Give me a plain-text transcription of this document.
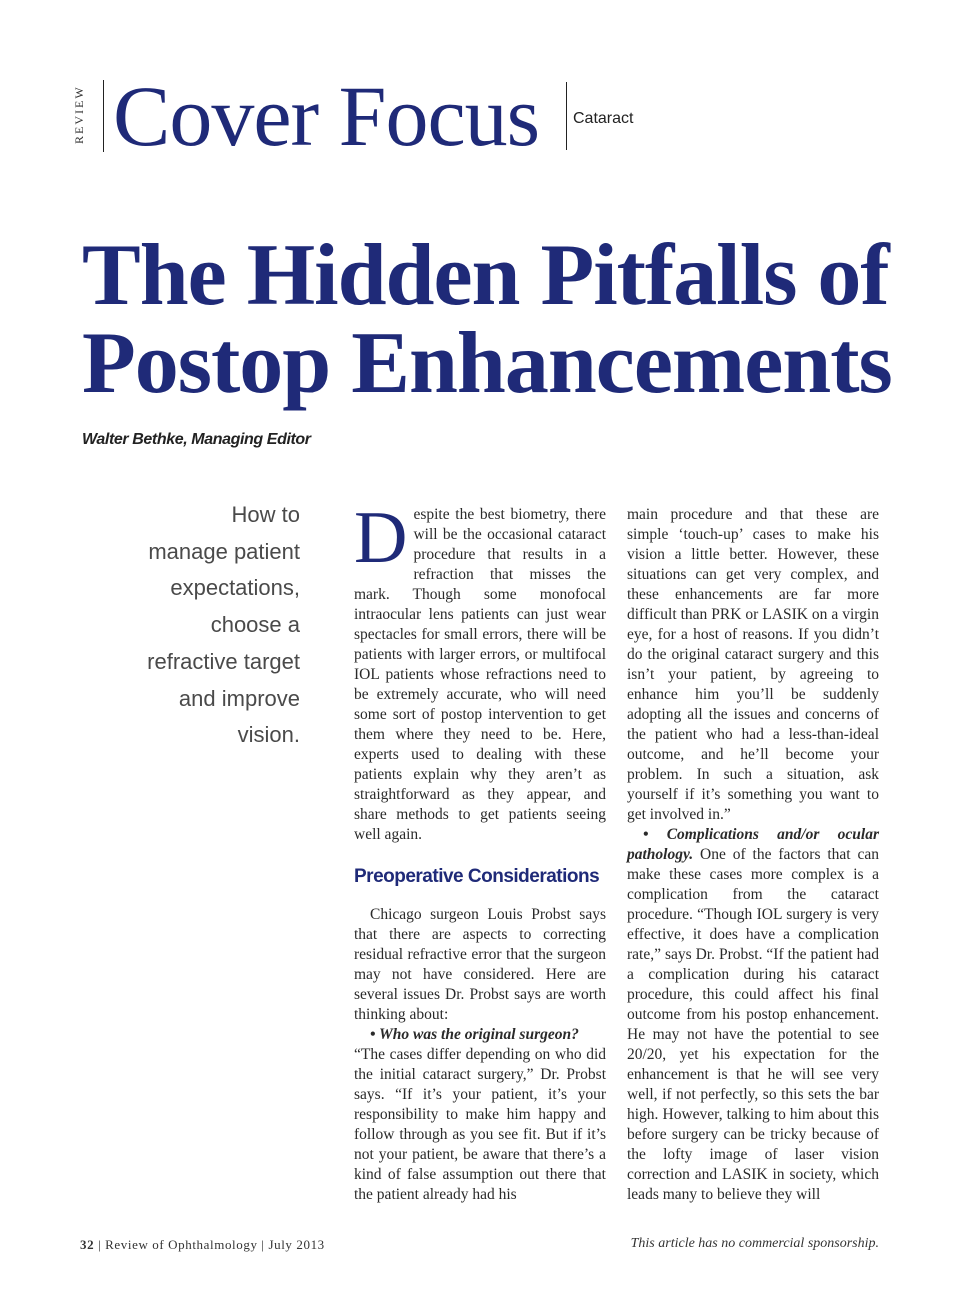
REVIEW Cover Focus Cataract
The Hidden Pitfalls of
Postop Enhancements
Walter Bethke, Managing Editor
How to
manage patient
expectations,
choose a
refractive target
and improve
vision.

Despite the best biometry, there will be the occasional cataract procedure that results in a refraction that misses the mark. Though some monofocal intraocular lens patients can just wear spectacles for small errors, there will be patients with larger errors, or multifocal IOL patients whose refractions need to be extremely accurate, who will need some sort of postop intervention to get them where they need to be. Here, experts used to dealing with these patients explain why they aren’t as straightforward as they appear, and share methods to get patients seeing well again.

Preoperative Considerations

Chicago surgeon Louis Probst says that there are aspects to correcting residual refractive error that the surgeon may not have considered. Here are several issues Dr. Probst says are worth thinking about:

• Who was the original surgeon?

“The cases differ depending on who did the initial cataract surgery,” Dr. Probst says. “If it’s your patient, it’s your responsibility to make him happy and follow through as you see fit. But if it’s not your patient, be aware that there’s a kind of false assumption out there that the patient already had his

main procedure and that these are simple ‘touch-up’ cases to make his vision a little better. However, these situations can get very complex, and these enhancements are far more difficult than PRK or LASIK on a virgin eye, for a host of reasons. If you didn’t do the original cataract surgery and this isn’t your patient, by agreeing to enhance him you’ll be suddenly adopting all the issues and concerns of the patient who had a less-than-ideal outcome, and he’ll become your problem. In such a situation, ask yourself if it’s something you want to get involved in.”

• Complications and/or ocular pathology. One of the factors that can make these cases more complex is a complication from the cataract procedure. “Though IOL surgery is very effective, it does have a complication rate,” says Dr. Probst. “If the patient had a complication during his cataract procedure, this could affect his final outcome from his postop enhancement. He may not have the potential to see 20/20, yet his expectation for the enhancement is that he will see very well, if not perfectly, so this sets the bar high. However, talking to him about this before surgery can be tricky because of the lofty image of laser vision correction and LASIK in society, which leads many to believe they will

32 | Review of Ophthalmology | July 2013	This article has no commercial sponsorship.
